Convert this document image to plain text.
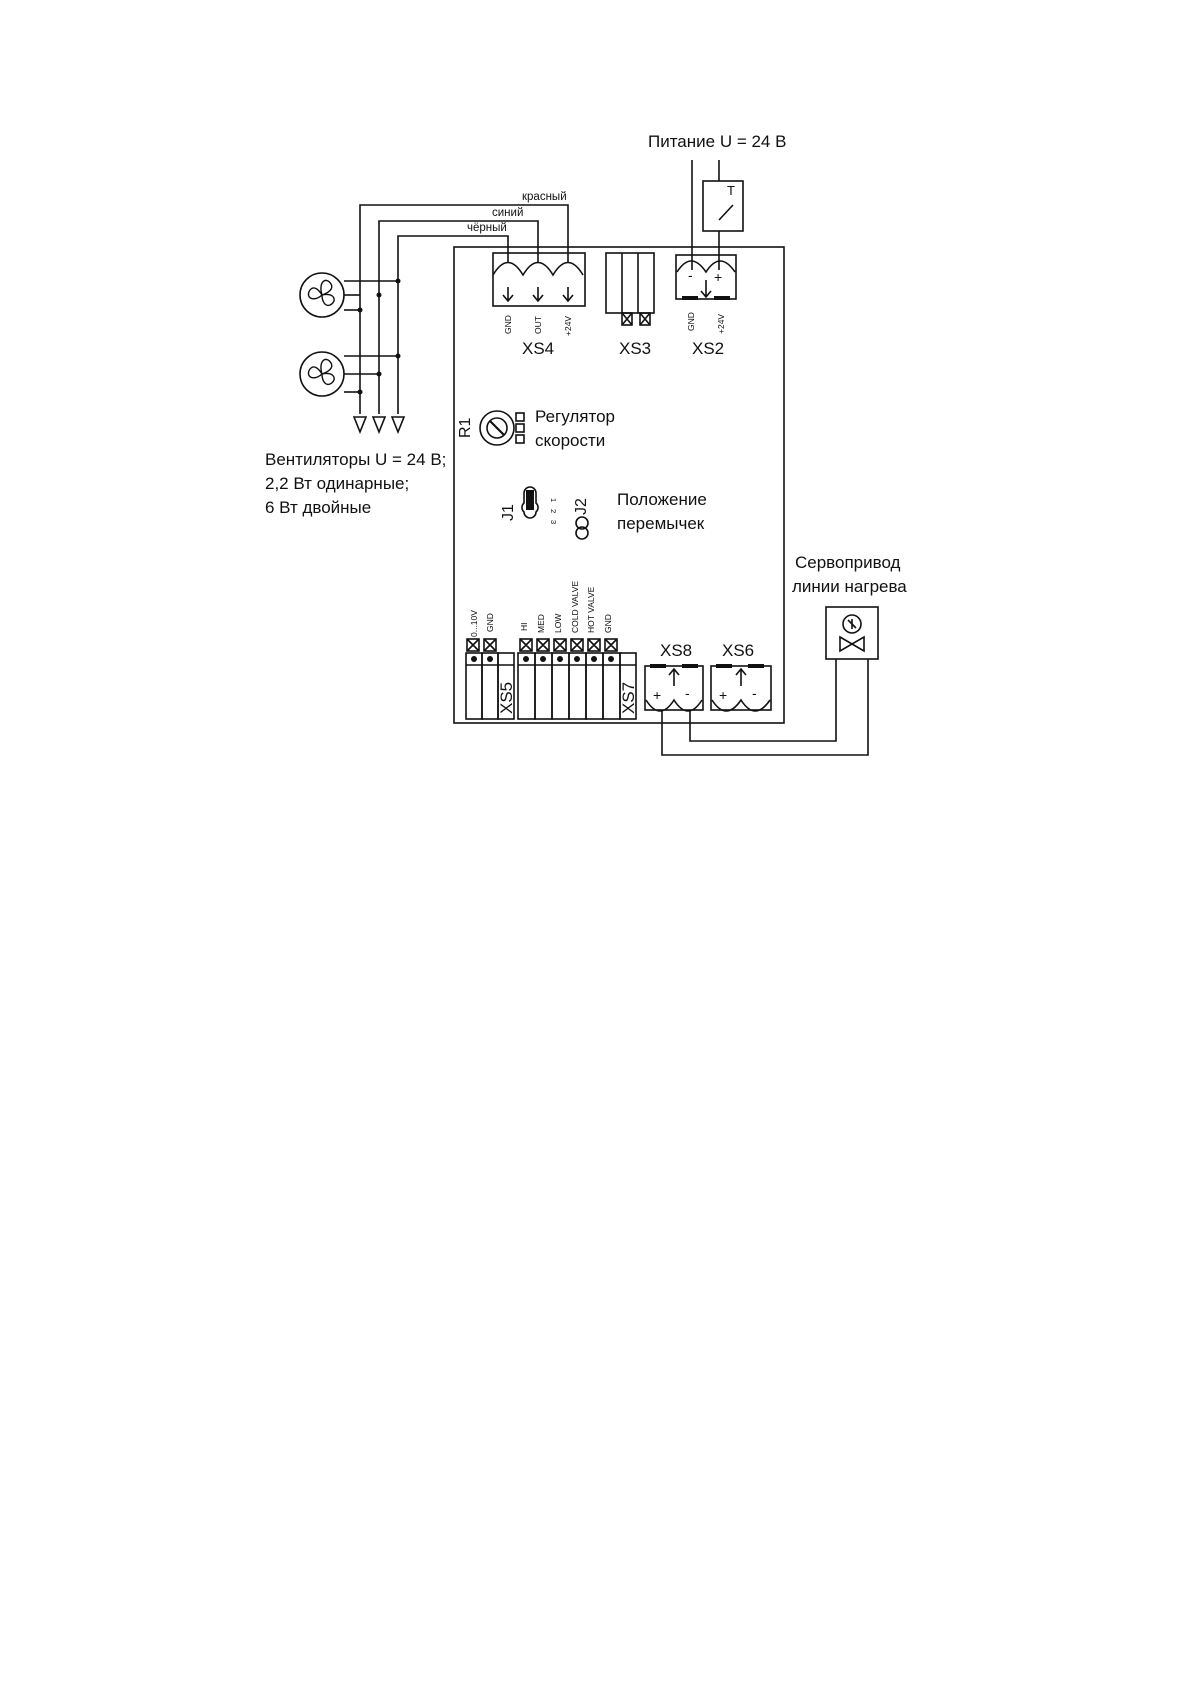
Питание U = 24 В
T
красный
синий
чёрный
Вентиляторы U = 24 В;
2,2 Вт одинарные;
6 Вт двойные
GND OUT +24V
XS4	XS3
- +
GND +24V
XS2
R1
Регулятор
скорости
J1
1
2
3
J2 Положение
перемычек
0...10V GND	HI MED LOW COLD VALVE HOT VALVE GND
XS5	XS7
XS8
+ -
XS6
+ -
Сервопривод
линии нагрева
